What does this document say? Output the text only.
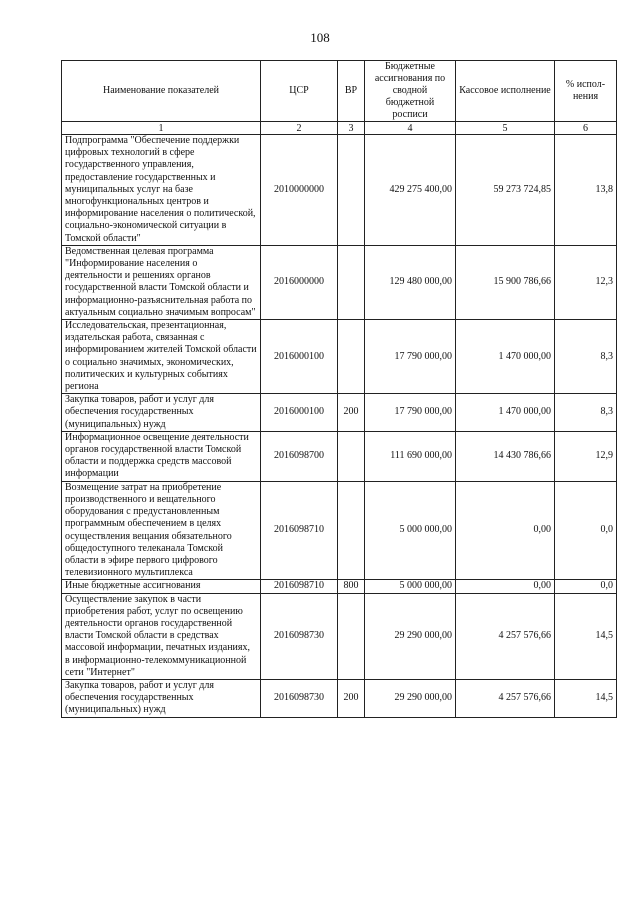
108
Наименование показателей	ЦСР	ВР	Бюджетные ассигнования по сводной бюджетной росписи	Кассовое исполнение	% испол-нения
1	2	3	4	5	6
Подпрограмма "Обеспечение поддержки цифровых технологий в сфере государственного управления, предоставление государственных и муниципальных услуг на базе многофункциональных центров и информирование населения о политической, социально-экономической ситуации в Томской области"	2010000000		429 275 400,00	59 273 724,85	13,8
Ведомственная целевая программа "Информирование населения о деятельности и решениях органов государственной власти Томской области и информационно-разъяснительная работа по актуальным социально значимым вопросам"	2016000000		129 480 000,00	15 900 786,66	12,3
Исследовательская, презентационная, издательская работа, связанная с информированием жителей Томской области о социально значимых, экономических, политических и культурных событиях региона	2016000100		17 790 000,00	1 470 000,00	8,3
Закупка товаров, работ и услуг для обеспечения государственных (муниципальных) нужд	2016000100	200	17 790 000,00	1 470 000,00	8,3
Информационное освещение деятельности органов государственной власти Томской области и поддержка средств массовой информации	2016098700		111 690 000,00	14 430 786,66	12,9
Возмещение затрат на приобретение производственного и вещательного оборудования с предустановленным программным обеспечением в целях осуществления вещания обязательного общедоступного телеканала Томской области в эфире первого цифрового телевизионного мультиплекса	2016098710		5 000 000,00	0,00	0,0
Иные бюджетные ассигнования	2016098710	800	5 000 000,00	0,00	0,0
Осуществление закупок в части приобретения работ, услуг по освещению деятельности органов государственной власти Томской области в средствах массовой информации, печатных изданиях, в информационно-телекоммуникационной сети "Интернет"	2016098730		29 290 000,00	4 257 576,66	14,5
Закупка товаров, работ и услуг для обеспечения государственных (муниципальных) нужд	2016098730	200	29 290 000,00	4 257 576,66	14,5
